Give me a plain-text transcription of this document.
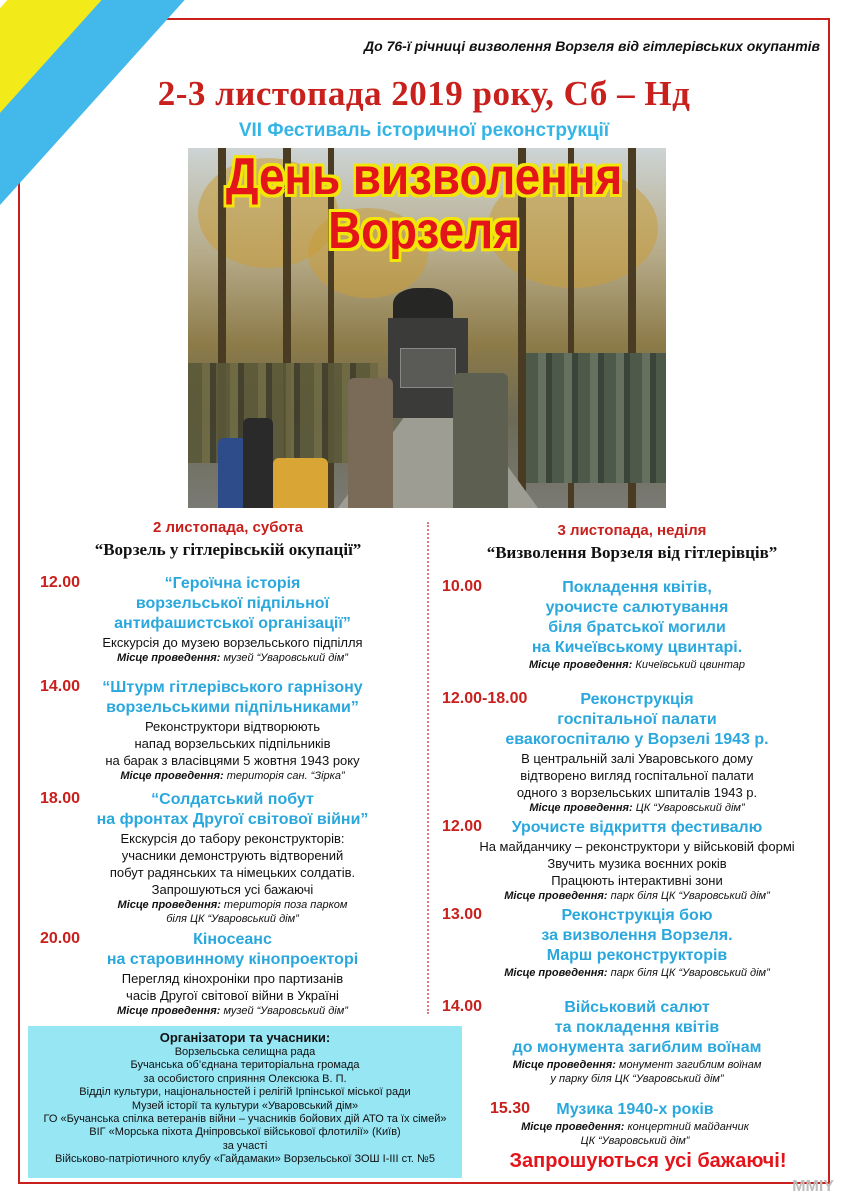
До 76-ї річниці визволення Ворзеля від гітлерівських окупантів
2-3 листопада 2019 року, Сб – Нд
VII Фестиваль історичної реконструкції
День визволення
Ворзеля
2 листопада, субота
“Ворзель у гітлерівській окупації”
3 листопада, неділя
“Визволення Ворзеля від гітлерівців”
12.00	“Героїчна історія
ворзельської підпільної
антифашистської організації”
Екскурсія до музею ворзельського підпілля
Місце проведення: музей “Уваровський дім”
14.00	“Штурм гітлерівського гарнізону
ворзельськими підпільниками”
Реконструктори відтворюють
напад ворзельських підпільників
на барак з власівцями 5 жовтня 1943 року
Місце проведення: територія сан. “Зірка”
18.00	“Солдатський побут
на фронтах Другої світової війни”
Екскурсія до табору реконструкторів:
учасники демонструють відтворений
побут радянських та німецьких солдатів.
Запрошуються усі бажаючі
Місце проведення: територія поза парком
біля ЦК “Уваровський дім”
20.00	Кіносеанс
на старовинному кінопроекторі
Перегляд кінохроніки про партизанів
часів Другої світової війни в Україні
Місце проведення: музей “Уваровський дім”
10.00	Покладення квітів,
урочисте салютування
біля братської могили
на Кичеївському цвинтарі.
Місце проведення: Кичеївський цвинтар
12.00-18.00	Реконструкція
госпітальної палати
евакогоспіталю у Ворзелі 1943 р.
В центральній залі Уваровського дому
відтворено вигляд госпітальної палати
одного з ворзельських шпиталів 1943 р.
Місце проведення: ЦК “Уваровський дім”
12.00	Урочисте відкриття фестивалю
На майданчику – реконструктори у військовій формі
Звучить музика воєнних років
Працюють інтерактивні зони
Місце проведення: парк біля ЦК “Уваровський дім”
13.00	Реконструкція бою
за визволення Ворзеля.
Марш реконструкторів
Місце проведення: парк біля ЦК “Уваровський дім”
14.00	Військовий салют
та покладення квітів
до монумента загиблим воїнам
Місце проведення: монумент загиблим воїнам
у парку біля ЦК “Уваровський дім”
15.30	Музика 1940-х років
Місце проведення: концертний майданчик
ЦК “Уваровський дім”
Організатори та учасники:
Ворзельська селищна рада
Бучанська об’єднана територіальна громада
за особистого сприяння Олексюка В. П.
Відділ культури, національностей і релігій Ірпінської міської ради
Музей історії та культури «Уваровський дім»
ГО «Бучанська спілка ветеранів війни – учасників бойових дій АТО та їх сімей»
ВІГ «Морська піхота Дніпровської військової флотилії» (Київ)
за участі
Військово-патріотичного клубу «Гайдамаки» Ворзельської ЗОШ І-ІІІ ст. №5	Запрошуються усі бажаючі!
MMIY
